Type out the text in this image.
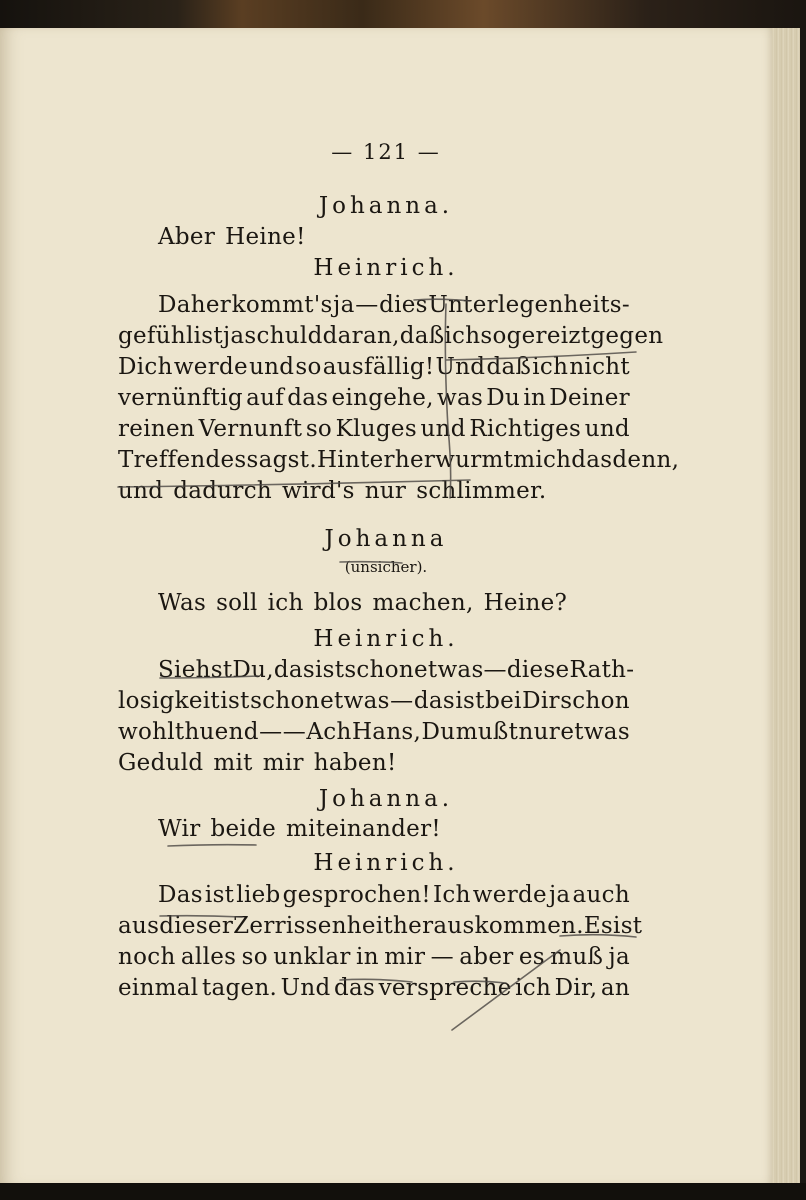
— 121 —
Johanna.
Aber Heine!
Heinrich.
Daher kommt's ja — dies Unterlegenheits-
gefühl ist ja schuld daran, daß ich so gereizt gegen
Dich werde und so ausfällig! Und daß ich nicht
vernünftig auf das eingehe, was Du in Deiner
reinen Vernunft so Kluges und Richtiges und
Treffendes sagst. Hinterher wurmt mich das denn,
und dadurch wird's nur schlimmer.
Johanna
(unsicher).
Was soll ich blos machen, Heine?
Heinrich.
Siehst Du, das ist schon etwas — diese Rath-
losigkeit ist schon etwas — das ist bei Dir schon
wohlthuend — — Ach Hans, Du mußt nur etwas
Geduld mit mir haben!
Johanna.
Wir beide miteinander!
Heinrich.
Das ist lieb gesprochen! Ich werde ja auch
aus dieser Zerrissenheit herauskommen. Es ist
noch alles so unklar in mir — aber es muß ja
einmal tagen. Und das verspreche ich Dir, an
